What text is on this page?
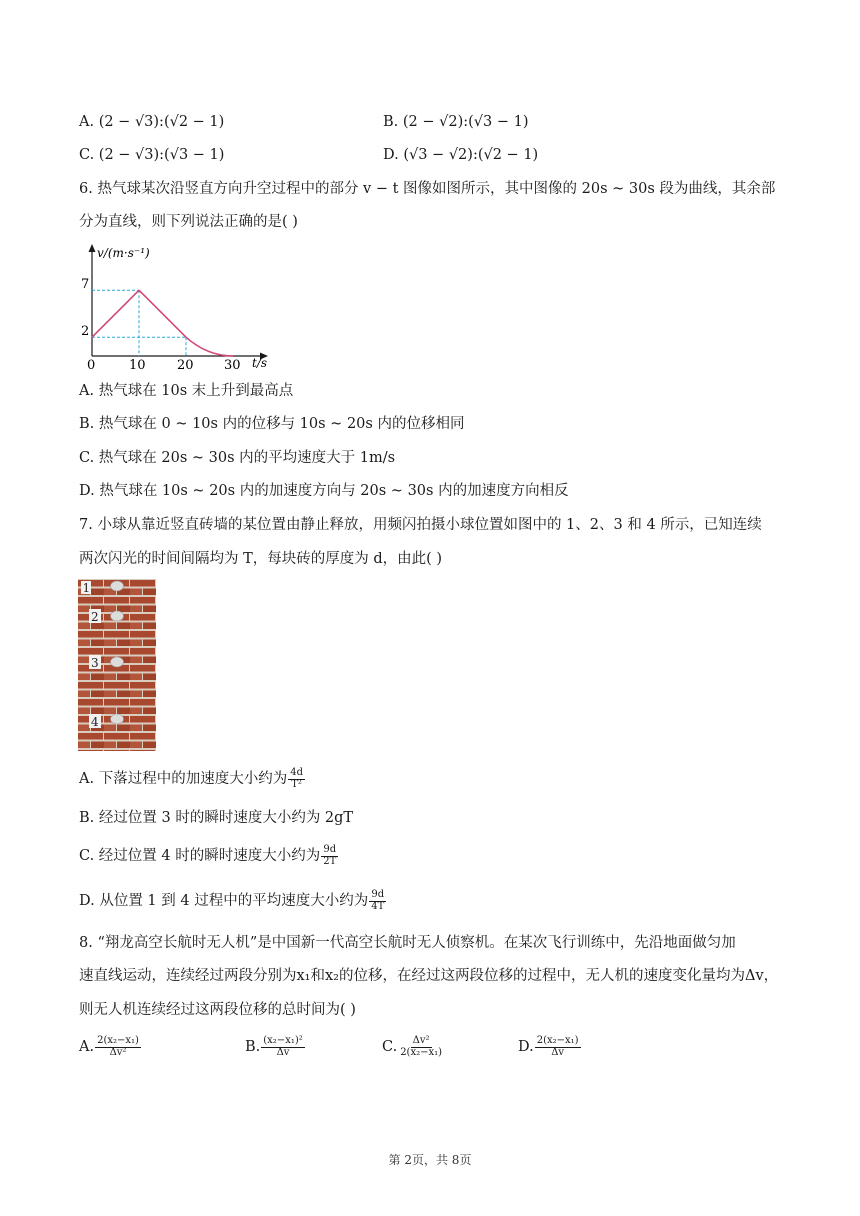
A. (2 − √3):(√2 − 1)	B. (2 − √2):(√3 − 1)
C. (2 − √3):(√3 − 1)	D. (√3 − √2):(√2 − 1)
6. 热气球某次沿竖直方向升空过程中的部分 v − t 图像如图所示，其中图像的 20s ~ 30s 段为曲线，其余部
分为直线，则下列说法正确的是( )
v/(m·s⁻¹)
t/s
7
2
0	10 20 30
A. 热气球在 10s 末上升到最高点
B. 热气球在 0 ~ 10s 内的位移与 10s ~ 20s 内的位移相同
C. 热气球在 20s ~ 30s 内的平均速度大于 1m/s
D. 热气球在 10s ~ 20s 内的加速度方向与 20s ~ 30s 内的加速度方向相反
7. 小球从靠近竖直砖墙的某位置由静止释放，用频闪拍摄小球位置如图中的 1、2、3 和 4 所示，已知连续
两次闪光的时间间隔均为 T，每块砖的厚度为 d，由此( )
1
2
3
4
A. 下落过程中的加速度大小约为 $\frac{4d}{\text{T²}}$
B. 经过位置 3 时的瞬时速度大小约为 2gT
C. 经过位置 4 时的瞬时速度大小约为 $\frac{9d}{2T}$
D. 从位置 1 到 4 过程中的平均速度大小约为 $\frac{9d}{4T}$
8. “翔龙高空长航时无人机”是中国新一代高空长航时无人侦察机。在某次飞行训练中，先沿地面做匀加
速直线运动，连续经过两段分别为x₁和x₂的位移，在经过这两段位移的过程中，无人机的速度变化量均为Δv，
则无人机连续经过这两段位移的总时间为( )
A. $\frac{\text{2(x₂−x₁)}}{\text{Δv²}}$	B. $\frac{\text{(x₂−x₁)²}}{\Delta v}$	C. $\frac{\text{Δv²}}{\text{2(x₂−x₁)}}$	D. $\frac{\text{2(x₂−x₁)}}{\Delta v}$
第 2页，共 8页
